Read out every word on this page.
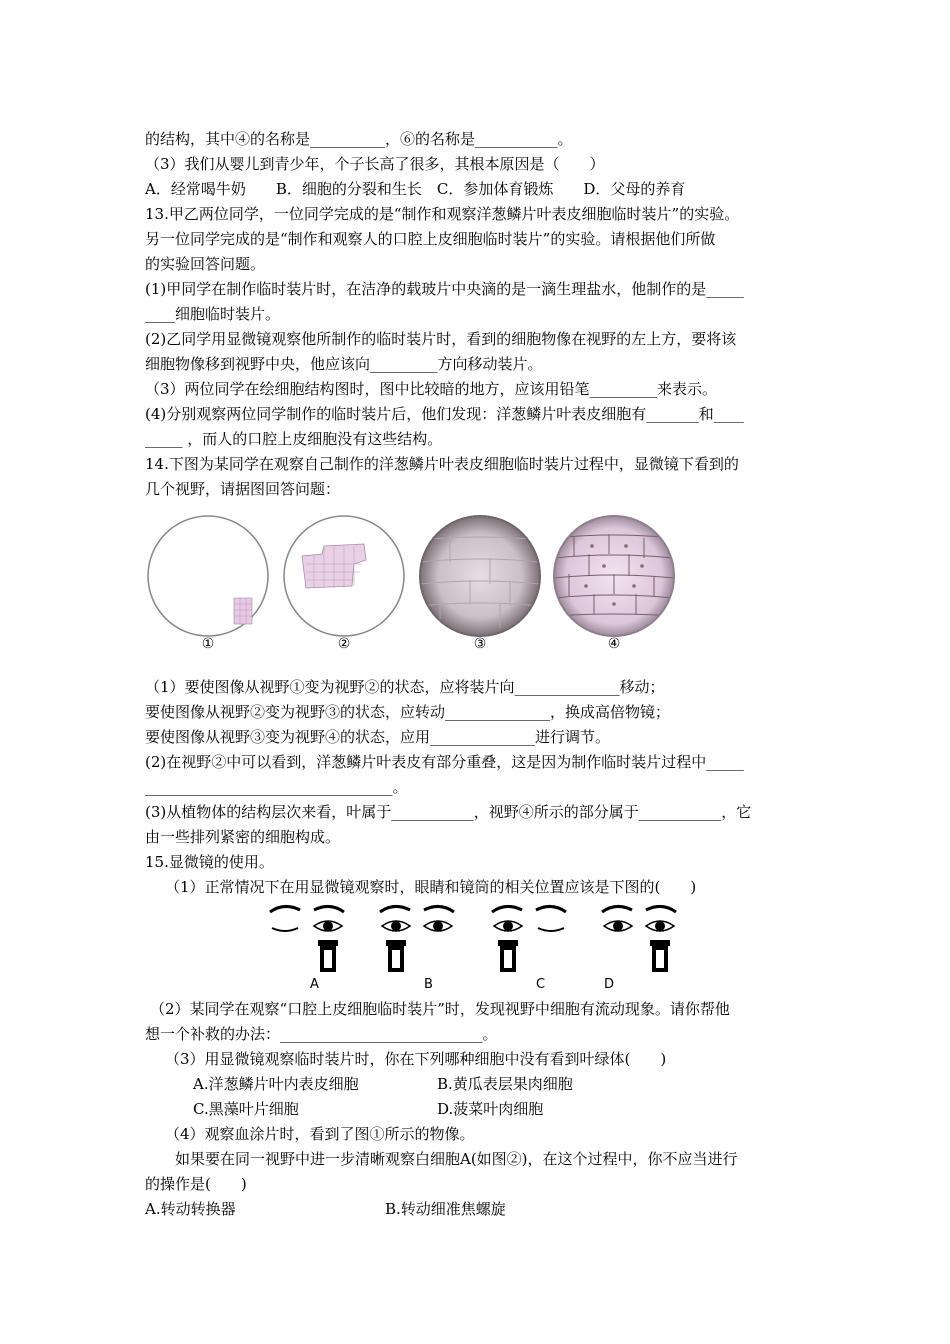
的结构，其中④的名称是__________，⑥的名称是___________。
（3）我们从婴儿到青少年，个子长高了很多，其根本原因是（　　）
A．经常喝牛奶　　B．细胞的分裂和生长　C．参加体育锻炼　　D．父母的养育
13.甲乙两位同学，一位同学完成的是“制作和观察洋葱鳞片叶表皮细胞临时装片”的实验。
另一位同学完成的是“制作和观察人的口腔上皮细胞临时装片”的实验。请根据他们所做
的实验回答问题。
(1)甲同学在制作临时装片时，在洁净的载玻片中央滴的是一滴生理盐水，他制作的是_____
____细胞临时装片。
(2)乙同学用显微镜观察他所制作的临时装片时，看到的细胞物像在视野的左上方，要将该
细胞物像移到视野中央，他应该向_________方向移动装片。
（3）两位同学在绘细胞结构图时，图中比较暗的地方，应该用铅笔_________来表示。
(4)分别观察两位同学制作的临时装片后，他们发现：洋葱鳞片叶表皮细胞有_______和____
_____ ，而人的口腔上皮细胞没有这些结构。
14.下图为某同学在观察自己制作的洋葱鳞片叶表皮细胞临时装片过程中，显微镜下看到的
几个视野，请据图回答问题：
①	②	③	④
（1）要使图像从视野①变为视野②的状态，应将装片向______________移动；
要使图像从视野②变为视野③的状态，应转动______________，换成高倍物镜；
要使图像从视野③变为视野④的状态，应用______________进行调节。
(2)在视野②中可以看到，洋葱鳞片叶表皮有部分重叠，这是因为制作临时装片过程中_____
_________________________________。
(3)从植物体的结构层次来看，叶属于___________，视野④所示的部分属于___________，它
由一些排列紧密的细胞构成。
15.显微镜的使用。
（1）正常情况下在用显微镜观察时，眼睛和镜筒的相关位置应该是下图的(　　)
A	B	C	D
（2）某同学在观察“口腔上皮细胞临时装片”时，发现视野中细胞有流动现象。请你帮他
想一个补救的办法：___________________________。
（3）用显微镜观察临时装片时，你在下列哪种细胞中没有看到叶绿体(　　)
A.洋葱鳞片叶内表皮细胞	B.黄瓜表层果肉细胞
C.黑藻叶片细胞	D.菠菜叶肉细胞
（4）观察血涂片时，看到了图①所示的物像。
如果要在同一视野中进一步清晰观察白细胞A(如图②)，在这个过程中，你不应当进行
的操作是(　　)
A.转动转换器	B.转动细准焦螺旋
